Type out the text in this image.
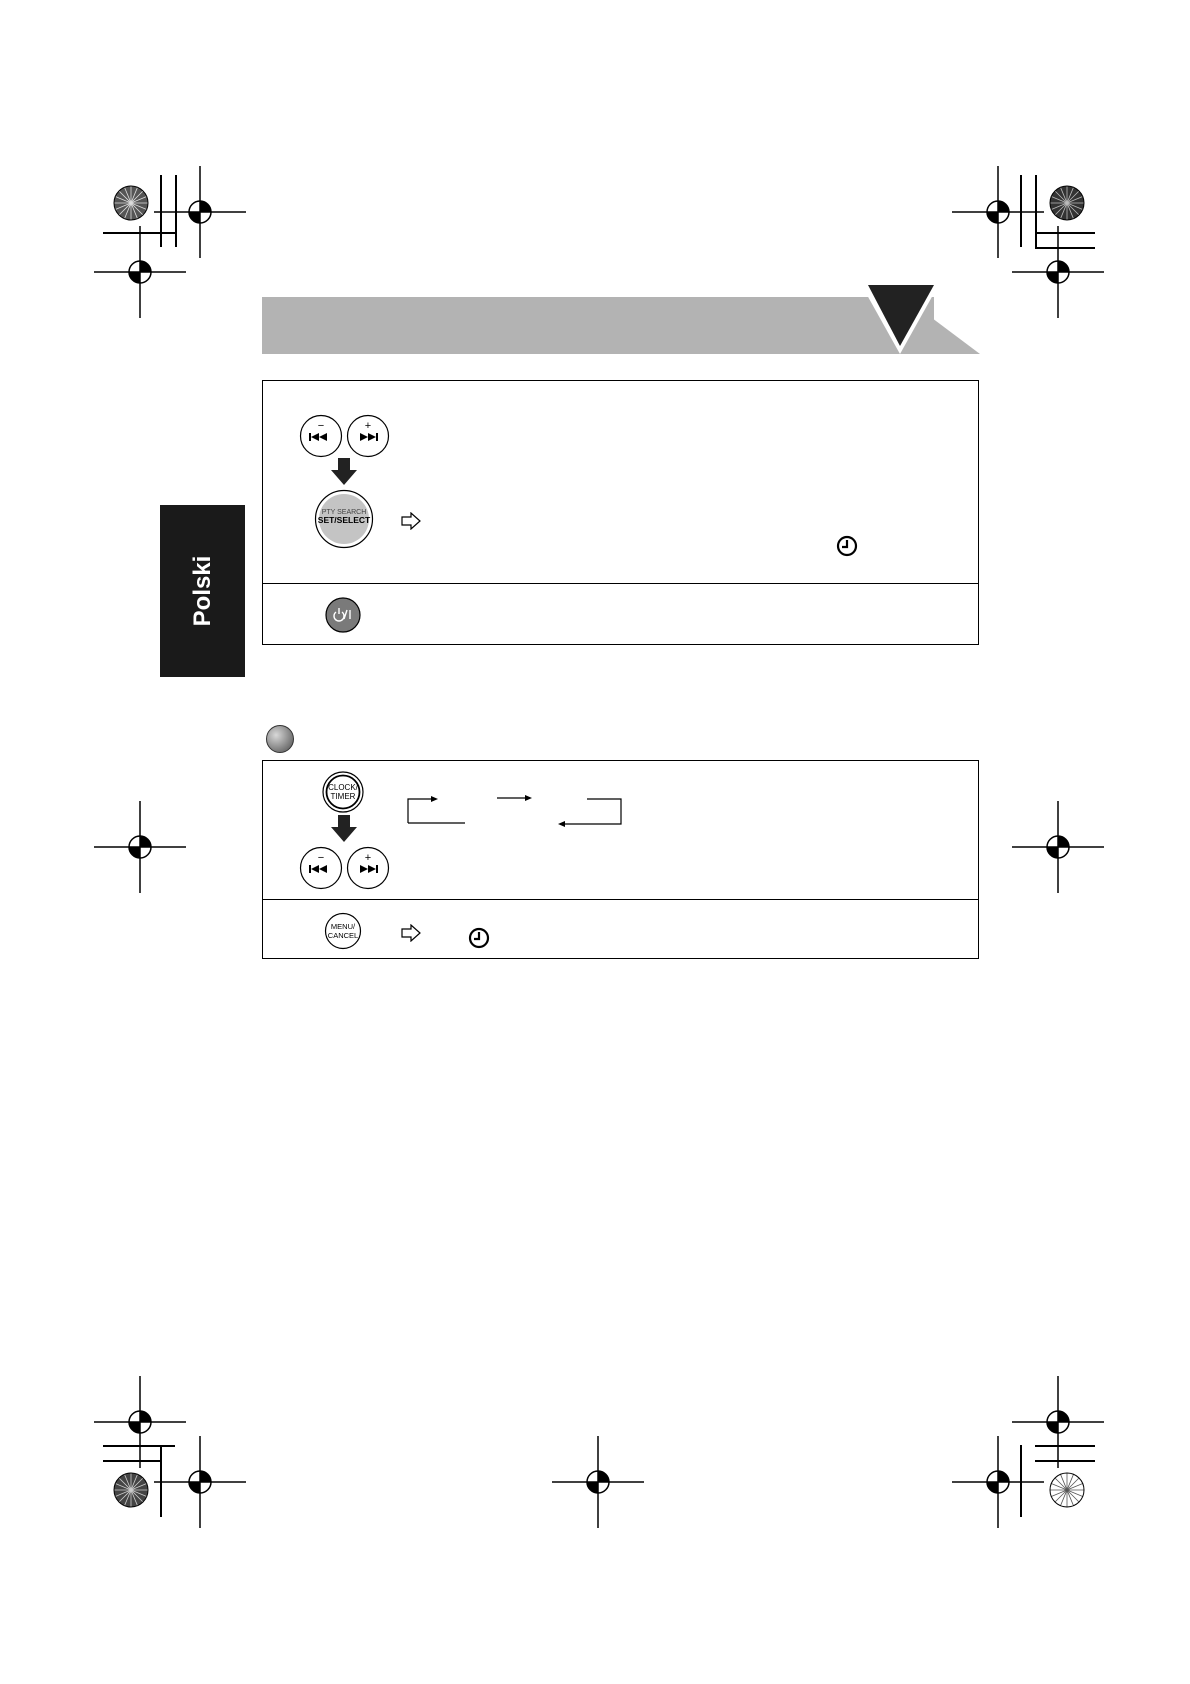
Polski
−	+
PTY SEARCH
SET/SELECT
CLOCK/
TIMER
−	+
MENU/
CANCEL
